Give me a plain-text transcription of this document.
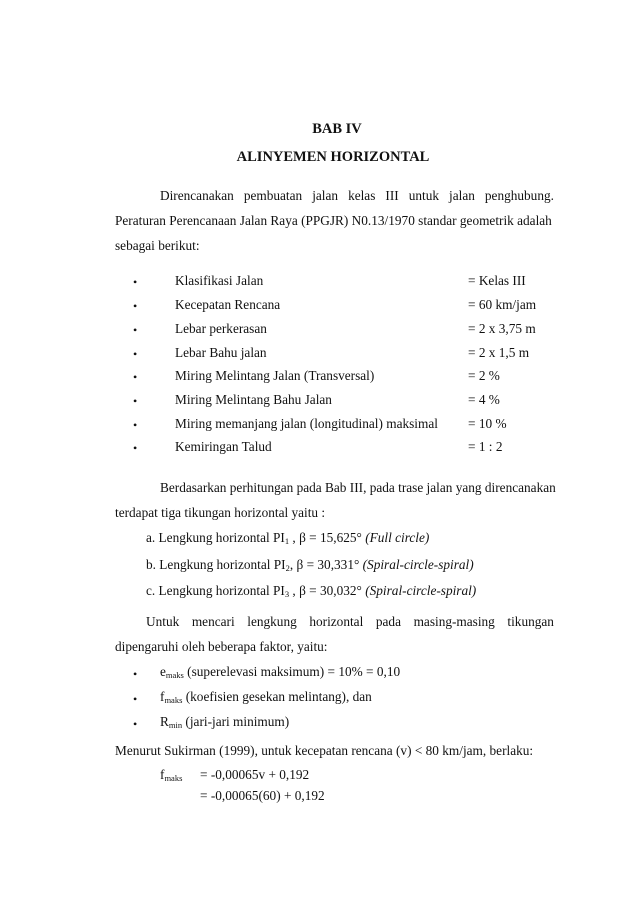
BAB IV
ALINYEMEN HORIZONTAL
Direncanakan pembuatan jalan kelas III untuk jalan penghubung.
Peraturan Perencanaan Jalan Raya (PPGJR) N0.13/1970 standar geometrik adalah
sebagai berikut:
•	Klasifikasi Jalan	= Kelas III
•	Kecepatan Rencana	= 60 km/jam
•	Lebar perkerasan	= 2 x 3,75 m
•	Lebar Bahu jalan	= 2 x 1,5 m
•	Miring Melintang Jalan (Transversal)	= 2 %
•	Miring Melintang Bahu Jalan	= 4 %
•	Miring memanjang jalan (longitudinal) maksimal = 10 %
•	Kemiringan Talud	= 1 : 2
Berdasarkan perhitungan pada Bab III, pada trase jalan yang direncanakan
terdapat tiga tikungan horizontal yaitu :
a. Lengkung horizontal $PI_1$ , β = 15,625° (Full circle)
b. Lengkung horizontal $PI_2$, β = 30,331° (Spiral-circle-spiral)
c. Lengkung horizontal $PI_3$ , β = 30,032° (Spiral-circle-spiral)
Untuk mencari lengkung horizontal pada masing-masing tikungan
dipengaruhi oleh beberapa faktor, yaitu:
• $e_{maks}$ (superelevasi maksimum) = 10% = 0,10
• $f_{maks}$ (koefisien gesekan melintang), dan
• $R_{min}$ (jari-jari minimum)
Menurut Sukirman (1999), untuk kecepatan rencana (v) < 80 km/jam, berlaku:
$f_{maks} = -0,00065v + 0,192$
= -0,00065(60) + 0,192
